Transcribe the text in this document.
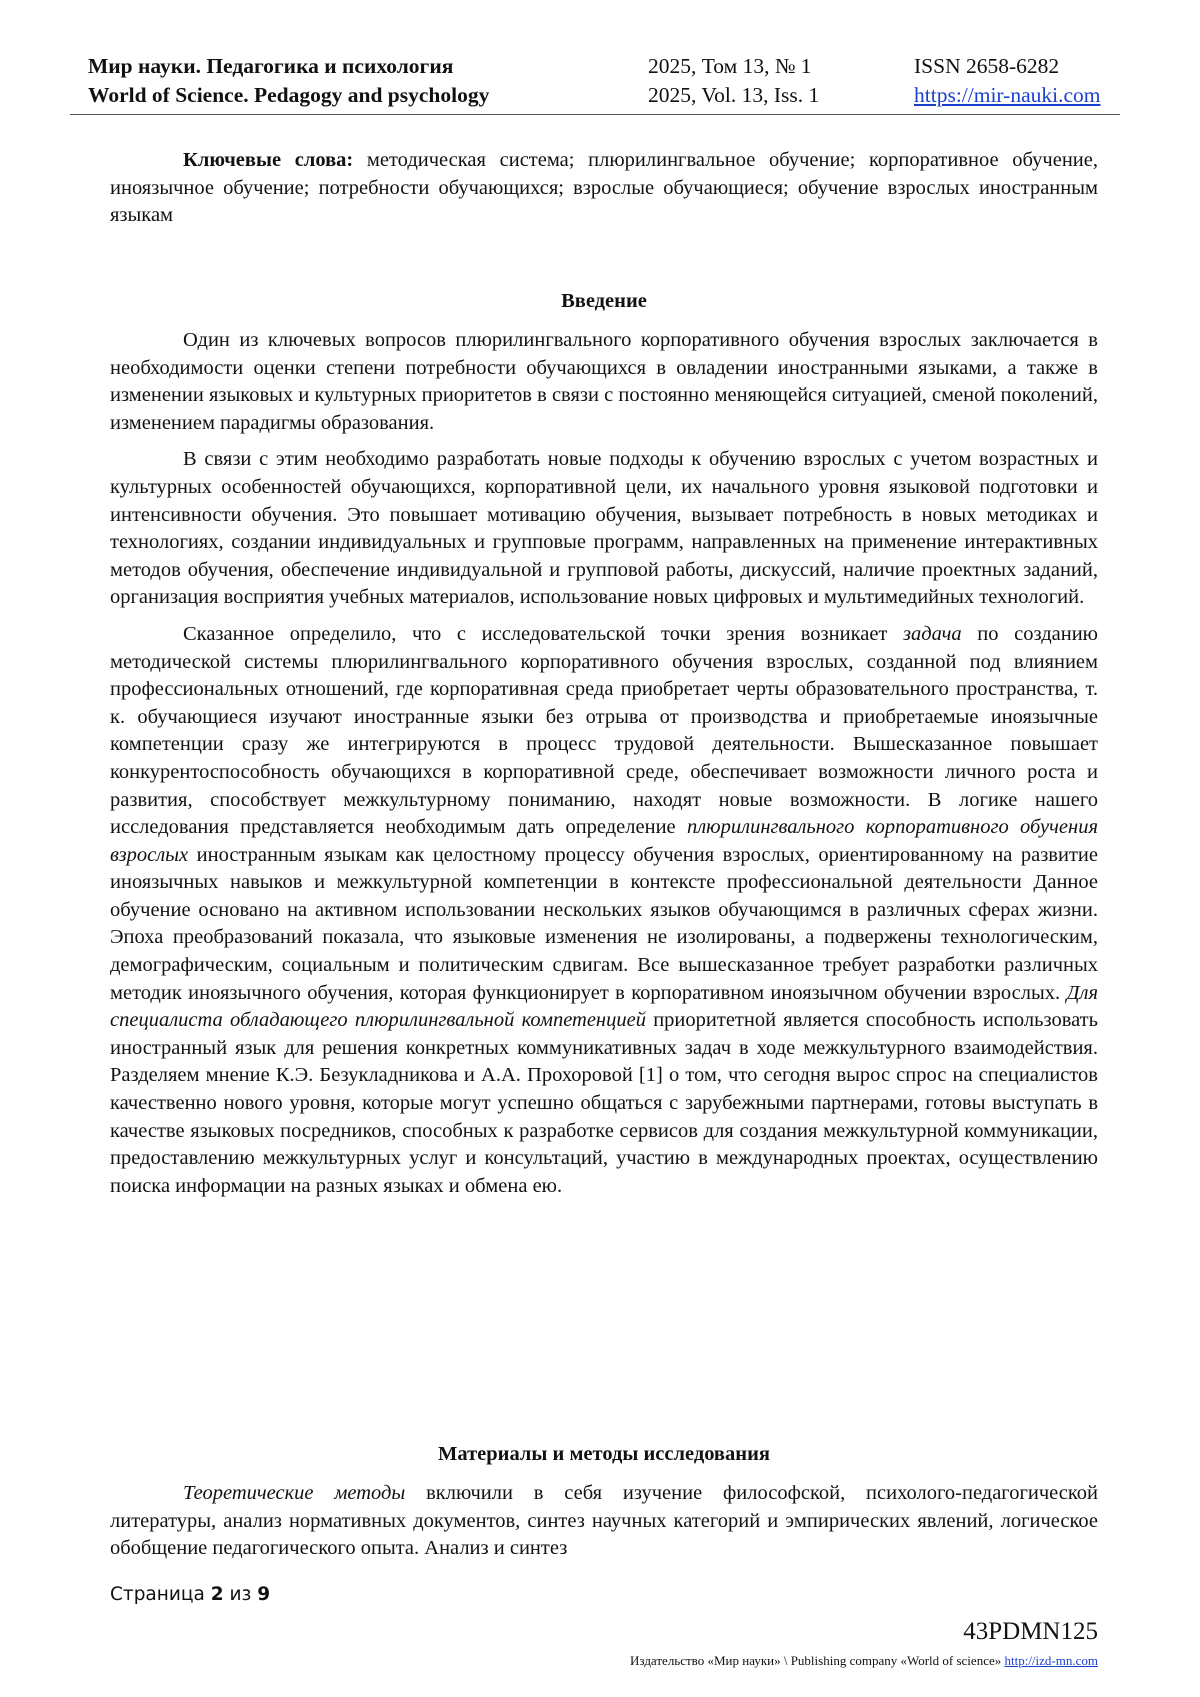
Мир науки. Педагогика и психология
World of Science. Pedagogy and psychology
2025, Том 13, № 1
2025, Vol. 13, Iss. 1
ISSN 2658-6282
https://mir-nauki.com

Ключевые слова: методическая система; плюрилингвальное обучение; корпоративное обучение, иноязычное обучение; потребности обучающихся; взрослые обучающиеся; обучение взрослых иностранным языкам

Введение

Один из ключевых вопросов плюрилингвального корпоративного обучения взрослых заключается в необходимости оценки степени потребности обучающихся в овладении иностранными языками, а также в изменении языковых и культурных приоритетов в связи с постоянно меняющейся ситуацией, сменой поколений, изменением парадигмы образования.

В связи с этим необходимо разработать новые подходы к обучению взрослых с учетом возрастных и культурных особенностей обучающихся, корпоративной цели, их начального уровня языковой подготовки и интенсивности обучения. Это повышает мотивацию обучения, вызывает потребность в новых методиках и технологиях, создании индивидуальных и групповые программ, направленных на применение интерактивных методов обучения, обеспечение индивидуальной и групповой работы, дискуссий, наличие проектных заданий, организация восприятия учебных материалов, использование новых цифровых и мультимедийных технологий.

Сказанное определило, что с исследовательской точки зрения возникает задача по созданию методической системы плюрилингвального корпоративного обучения взрослых, созданной под влиянием профессиональных отношений, где корпоративная среда приобретает черты образовательного пространства, т. к. обучающиеся изучают иностранные языки без отрыва от производства и приобретаемые иноязычные компетенции сразу же интегрируются в процесс трудовой деятельности. Вышесказанное повышает конкурентоспособность обучающихся в корпоративной среде, обеспечивает возможности личного роста и развития, способствует межкультурному пониманию, находят новые возможности. В логике нашего исследования представляется необходимым дать определение плюрилингвального корпоративного обучения взрослых иностранным языкам как целостному процессу обучения взрослых, ориентированному на развитие иноязычных навыков и межкультурной компетенции в контексте профессиональной деятельности Данное обучение основано на активном использовании нескольких языков обучающимся в различных сферах жизни. Эпоха преобразований показала, что языковые изменения не изолированы, а подвержены технологическим, демографическим, социальным и политическим сдвигам. Все вышесказанное требует разработки различных методик иноязычного обучения, которая функционирует в корпоративном иноязычном обучении взрослых. Для специалиста обладающего плюрилингвальной компетенцией приоритетной является способность использовать иностранный язык для решения конкретных коммуникативных задач в ходе межкультурного взаимодействия. Разделяем мнение К.Э. Безукладникова и А.А. Прохоровой [1] о том, что сегодня вырос спрос на специалистов качественно нового уровня, которые могут успешно общаться с зарубежными партнерами, готовы выступать в качестве языковых посредников, способных к разработке сервисов для создания межкультурной коммуникации, предоставлению межкультурных услуг и консультаций, участию в международных проектах, осуществлению поиска информации на разных языках и обмена ею.

Материалы и методы исследования

Теоретические методы включили в себя изучение философской, психолого-педагогической литературы, анализ нормативных документов, синтез научных категорий и эмпирических явлений, логическое обобщение педагогического опыта. Анализ и синтез

Страница 2 из 9
43PDMN125
Издательство «Мир науки» \ Publishing company «World of science» http://izd-mn.com
